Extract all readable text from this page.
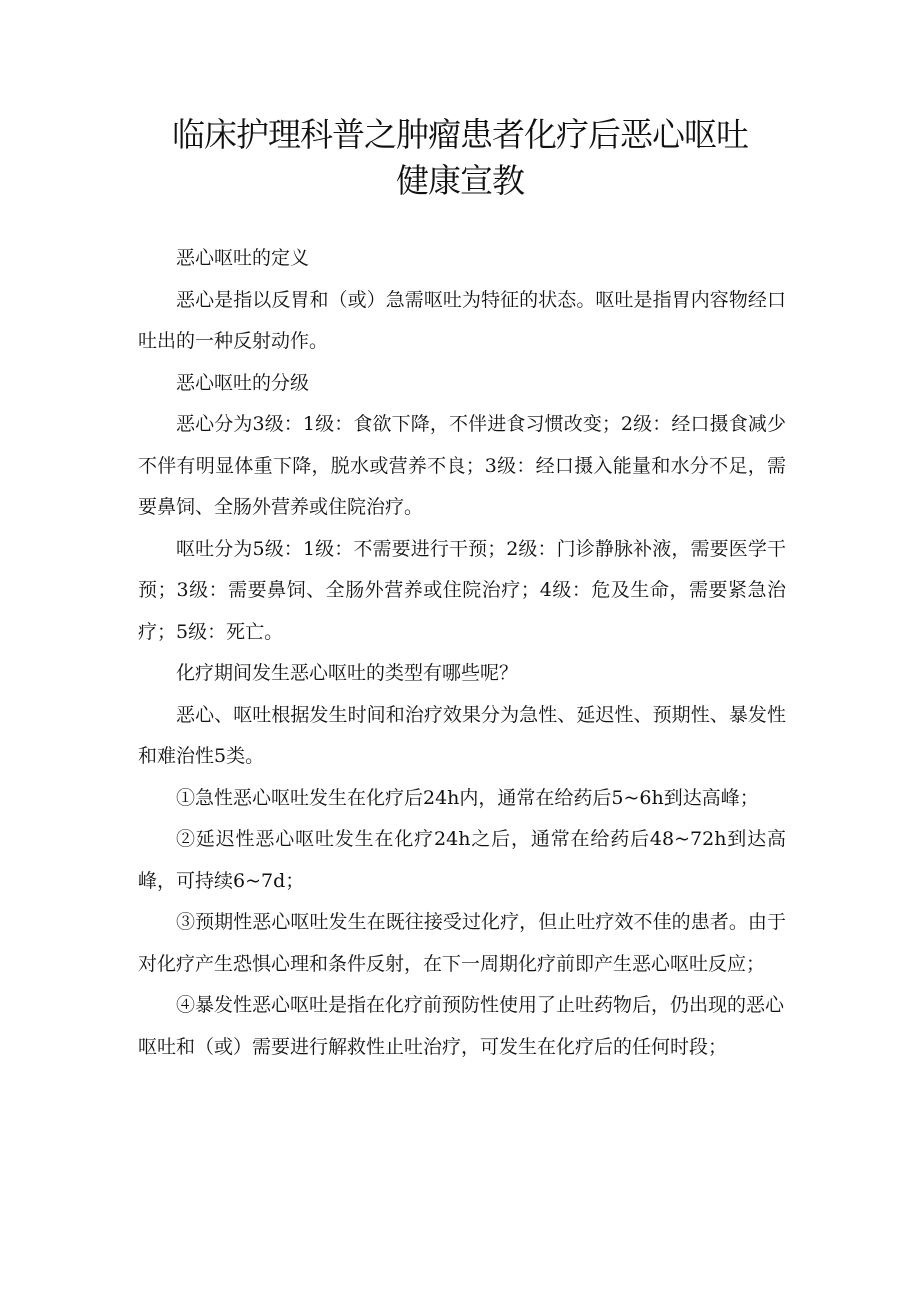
临床护理科普之肿瘤患者化疗后恶心呕吐
健康宣教

恶心呕吐的定义

恶心是指以反胃和（或）急需呕吐为特征的状态。呕吐是指胃内容物经口吐出的一种反射动作。

恶心呕吐的分级

恶心分为3级：1级：食欲下降，不伴进食习惯改变；2级：经口摄食减少不伴有明显体重下降，脱水或营养不良；3级：经口摄入能量和水分不足，需要鼻饲、全肠外营养或住院治疗。

呕吐分为5级：1级：不需要进行干预；2级：门诊静脉补液，需要医学干预；3级：需要鼻饲、全肠外营养或住院治疗；4级：危及生命，需要紧急治疗；5级：死亡。

化疗期间发生恶心呕吐的类型有哪些呢？

恶心、呕吐根据发生时间和治疗效果分为急性、延迟性、预期性、暴发性和难治性5类。

①急性恶心呕吐发生在化疗后24h内，通常在给药后5~6h到达高峰；

②延迟性恶心呕吐发生在化疗24h之后，通常在给药后48~72h到达高峰，可持续6~7d；

③预期性恶心呕吐发生在既往接受过化疗，但止吐疗效不佳的患者。由于对化疗产生恐惧心理和条件反射，在下一周期化疗前即产生恶心呕吐反应；

④暴发性恶心呕吐是指在化疗前预防性使用了止吐药物后，仍出现的恶心呕吐和（或）需要进行解救性止吐治疗，可发生在化疗后的任何时段；
